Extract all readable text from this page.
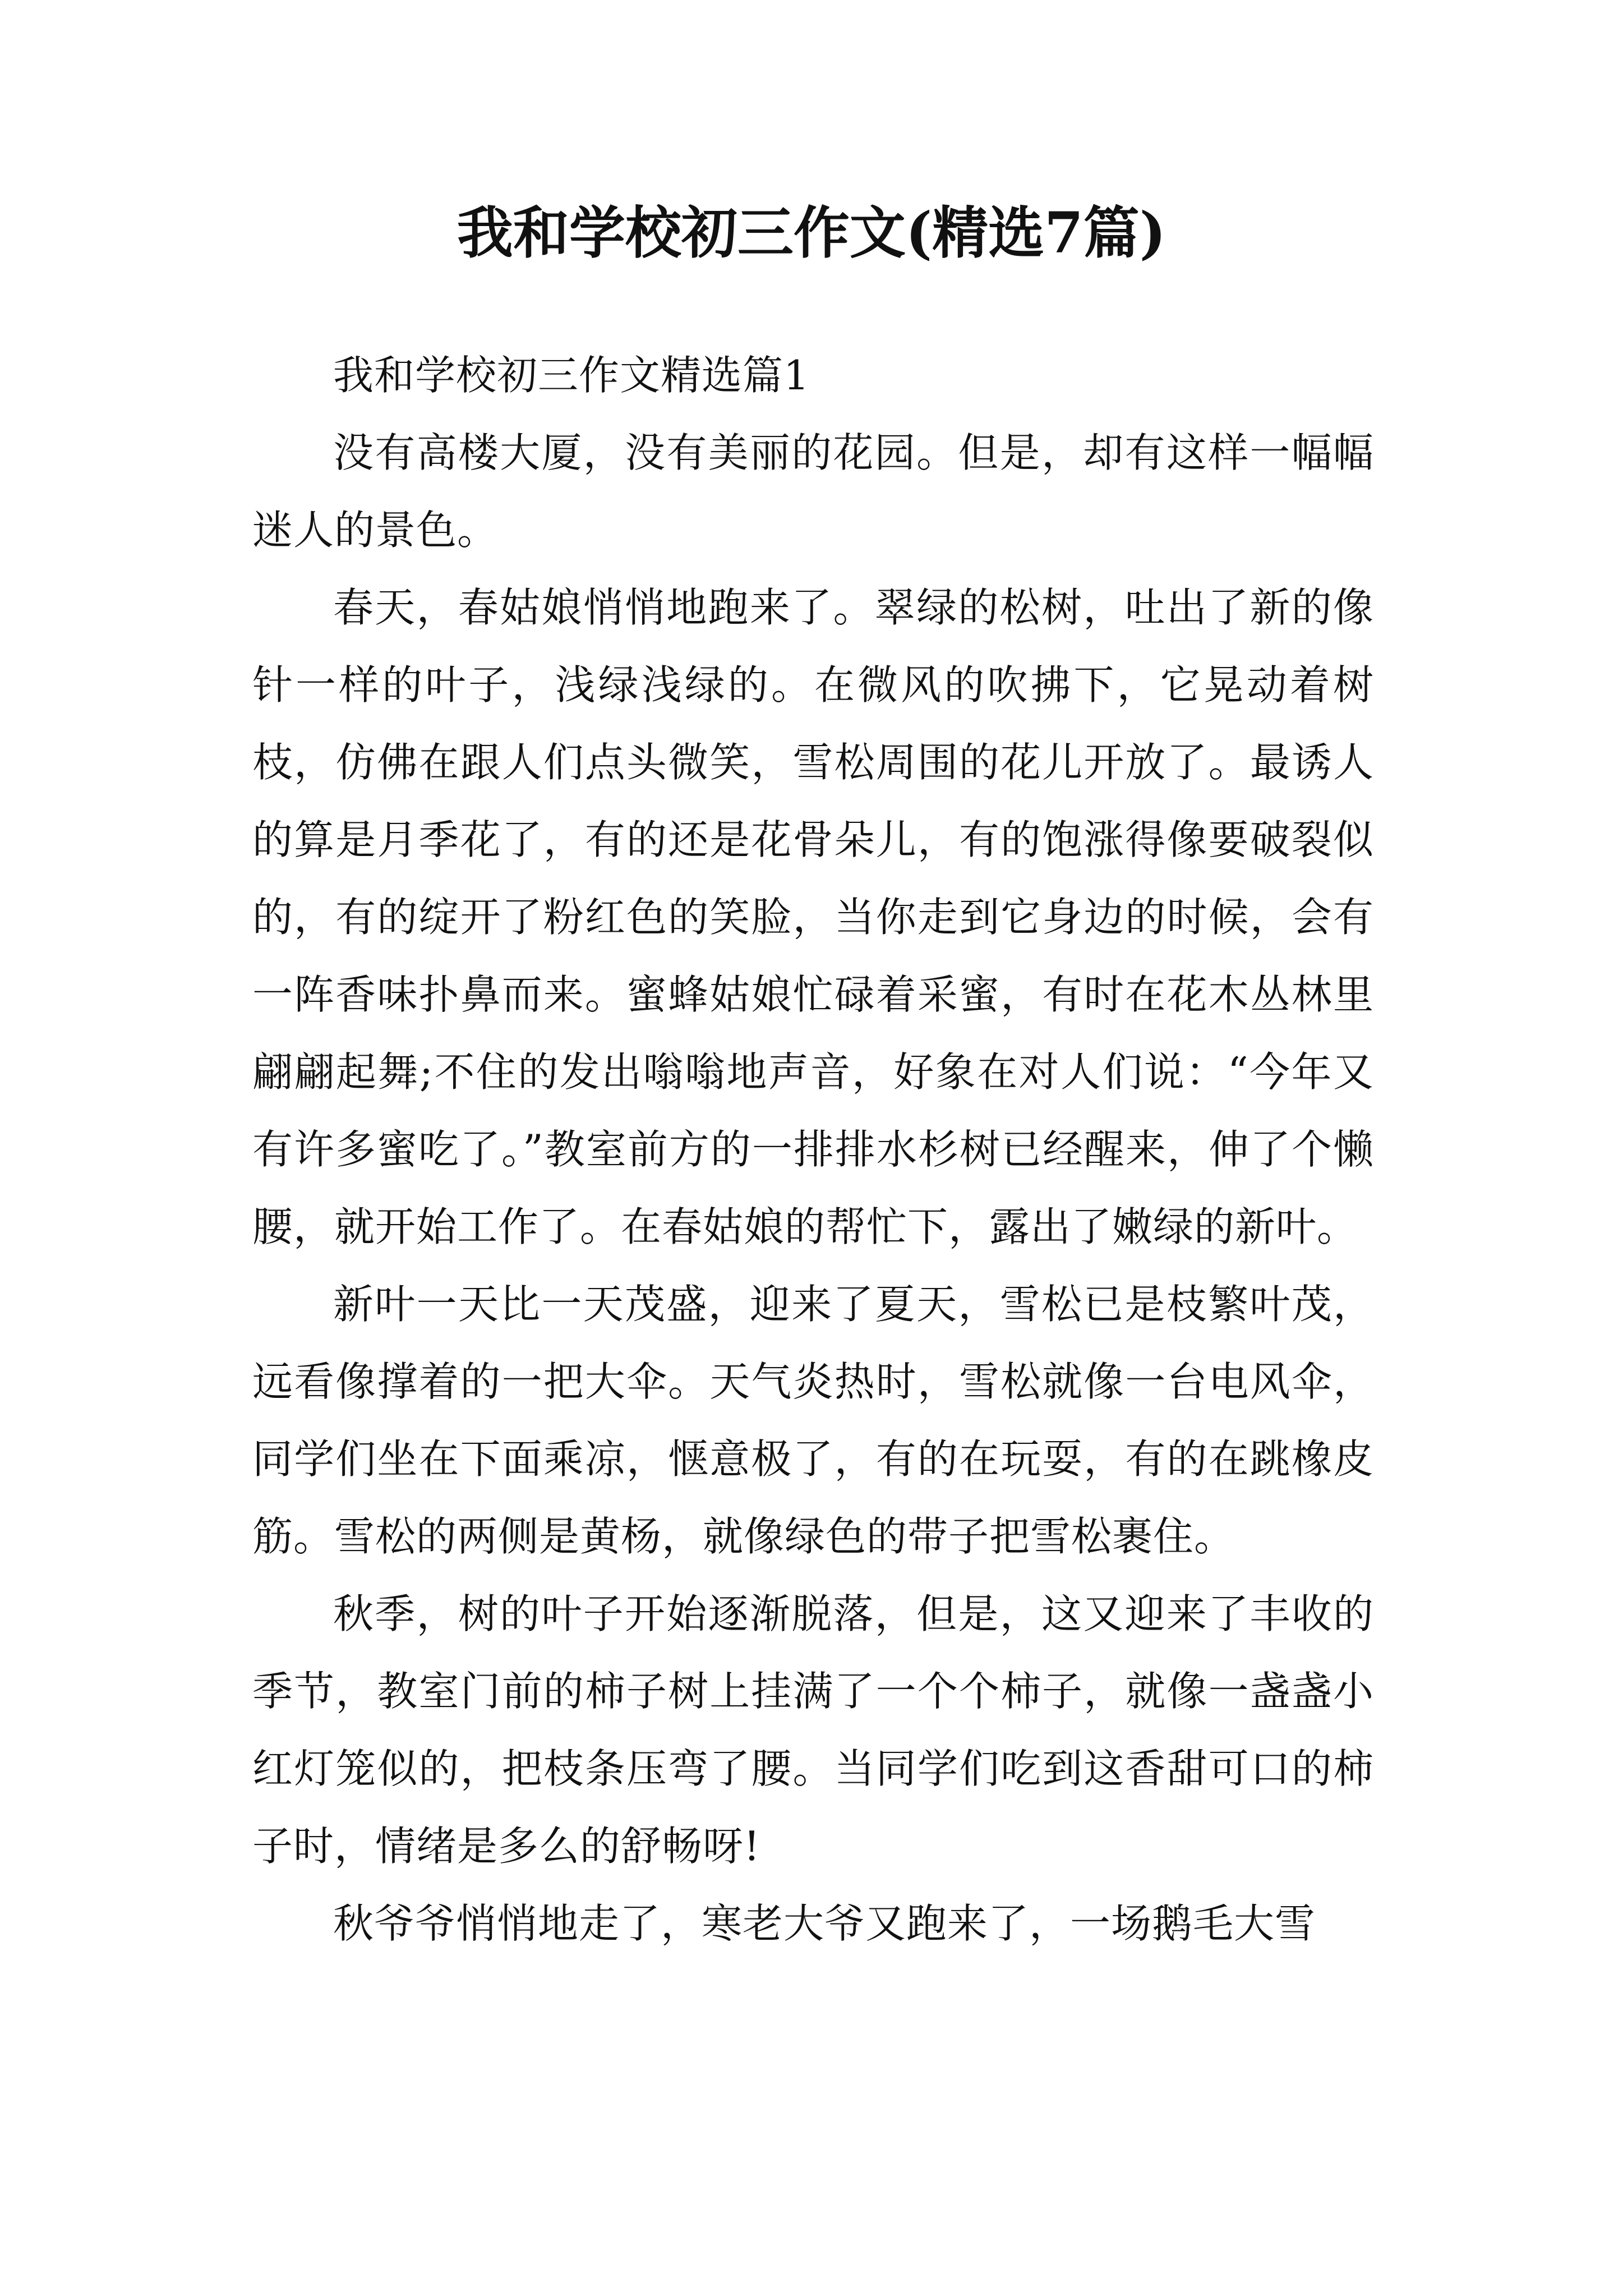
我和学校初三作文(精选7篇)

我和学校初三作文精选篇1

没有高楼大厦，没有美丽的花园。但是，却有这样一幅幅迷人的景色。

春天，春姑娘悄悄地跑来了。翠绿的松树，吐出了新的像针一样的叶子，浅绿浅绿的。在微风的吹拂下，它晃动着树枝，仿佛在跟人们点头微笑，雪松周围的花儿开放了。最诱人的算是月季花了，有的还是花骨朵儿，有的饱涨得像要破裂似的，有的绽开了粉红色的笑脸，当你走到它身边的时候，会有一阵香味扑鼻而来。蜜蜂姑娘忙碌着采蜜，有时在花木丛林里翩翩起舞;不住的发出嗡嗡地声音，好象在对人们说：“今年又有许多蜜吃了。”教室前方的一排排水杉树已经醒来，伸了个懒腰，就开始工作了。在春姑娘的帮忙下，露出了嫩绿的新叶。

新叶一天比一天茂盛，迎来了夏天，雪松已是枝繁叶茂，远看像撑着的一把大伞。天气炎热时，雪松就像一台电风伞，同学们坐在下面乘凉，惬意极了，有的在玩耍，有的在跳橡皮筋。雪松的两侧是黄杨，就像绿色的带子把雪松裹住。

秋季，树的叶子开始逐渐脱落，但是，这又迎来了丰收的季节，教室门前的柿子树上挂满了一个个柿子，就像一盏盏小红灯笼似的，把枝条压弯了腰。当同学们吃到这香甜可口的柿子时，情绪是多么的舒畅呀!

秋爷爷悄悄地走了，寒老大爷又跑来了，一场鹅毛大雪
